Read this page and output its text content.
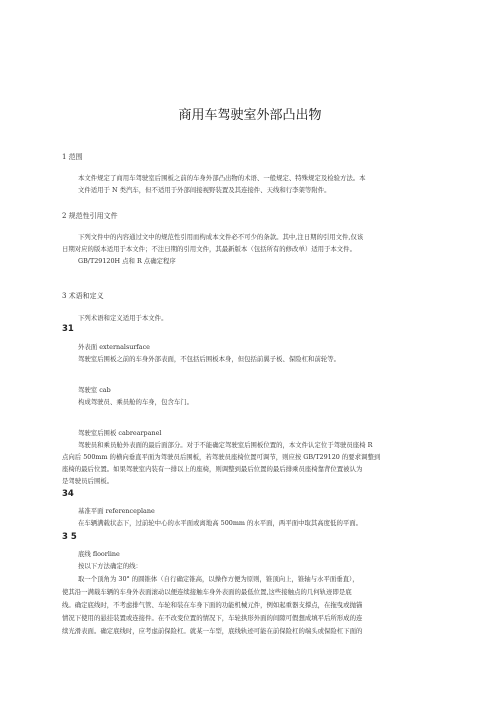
商用车驾驶室外部凸出物
1 范围
本文件规定了商用车驾驶室后围板之前的车身外部凸出物的术语、一般规定、特殊规定及检验方法。本
文件适用于 N 类汽车，但不适用于外部间接视野装置及其连接件、天线和行李架等附件。
2 规范性引用文件
下列文件中的内容通过文中的规范性引用而构成本文件必不可少的条款。其中,注日期的引用文件,仅该
日期对应的版本适用于本文件；不注日期的引用文件，其最新版本（包括所有的修改单）适用于本文件。
GB/T29120H 点和 R 点确定程序
3 术语和定义
下列术语和定义适用于本文件。
31
外表面 externalsurface
驾驶室后围板之前的车身外部表面，不包括后围板本身，但包括前翼子板、保险杠和前轮等。
驾驶室 cab
构成驾驶员、乘员舱的车身，包含车门。
驾驶室后围板 cabrearpanel
驾驶员和乘员舱外表面的最后面部分。对于不能确定驾驶室后围板位置的，本文件认定位于驾驶员座椅 R
点向后 500mm 的横向垂直平面为驾驶员后围板，若驾驶员座椅位置可调节，则应按 GB/T29120 的要求调整到
座椅的最后位置。如果驾驶室内装有一排以上的座椅，则调整到最后位置的最后排乘员座椅靠背位置被认为
是驾驶员后围板。
34
基准平面 referenceplane
在车辆满载状态下，过前轮中心的水平面或离地高 500mm 的水平面，两平面中取其高度低的平面。
3 5
底线 floorline
按以下方法确定的线：
取一个顶角为 30° 的圆锥体（自行确定锥高，以操作方便为原则，锥顶向上，锥轴与水平面垂直），
使其沿一满载车辆的车身外表面滚动以便连续接触车身外表面的最低位置,这些接触点的几何轨迹即是底
线。确定底线时，不考虑排气管、车轮和装在车身下面的功能机械元件，例如起重器支撑点，在拖曳或抛锚
情况下使用的悬挂装置或连接件。在不改变位置的情况下，车轮拱形外面的间隙可假想成填平后所形成的连
续光滑表面。确定底线时，应考虑前保险杠。就某一车型，底线轨迹可能在前保险杠的端头或保险杠下面的
